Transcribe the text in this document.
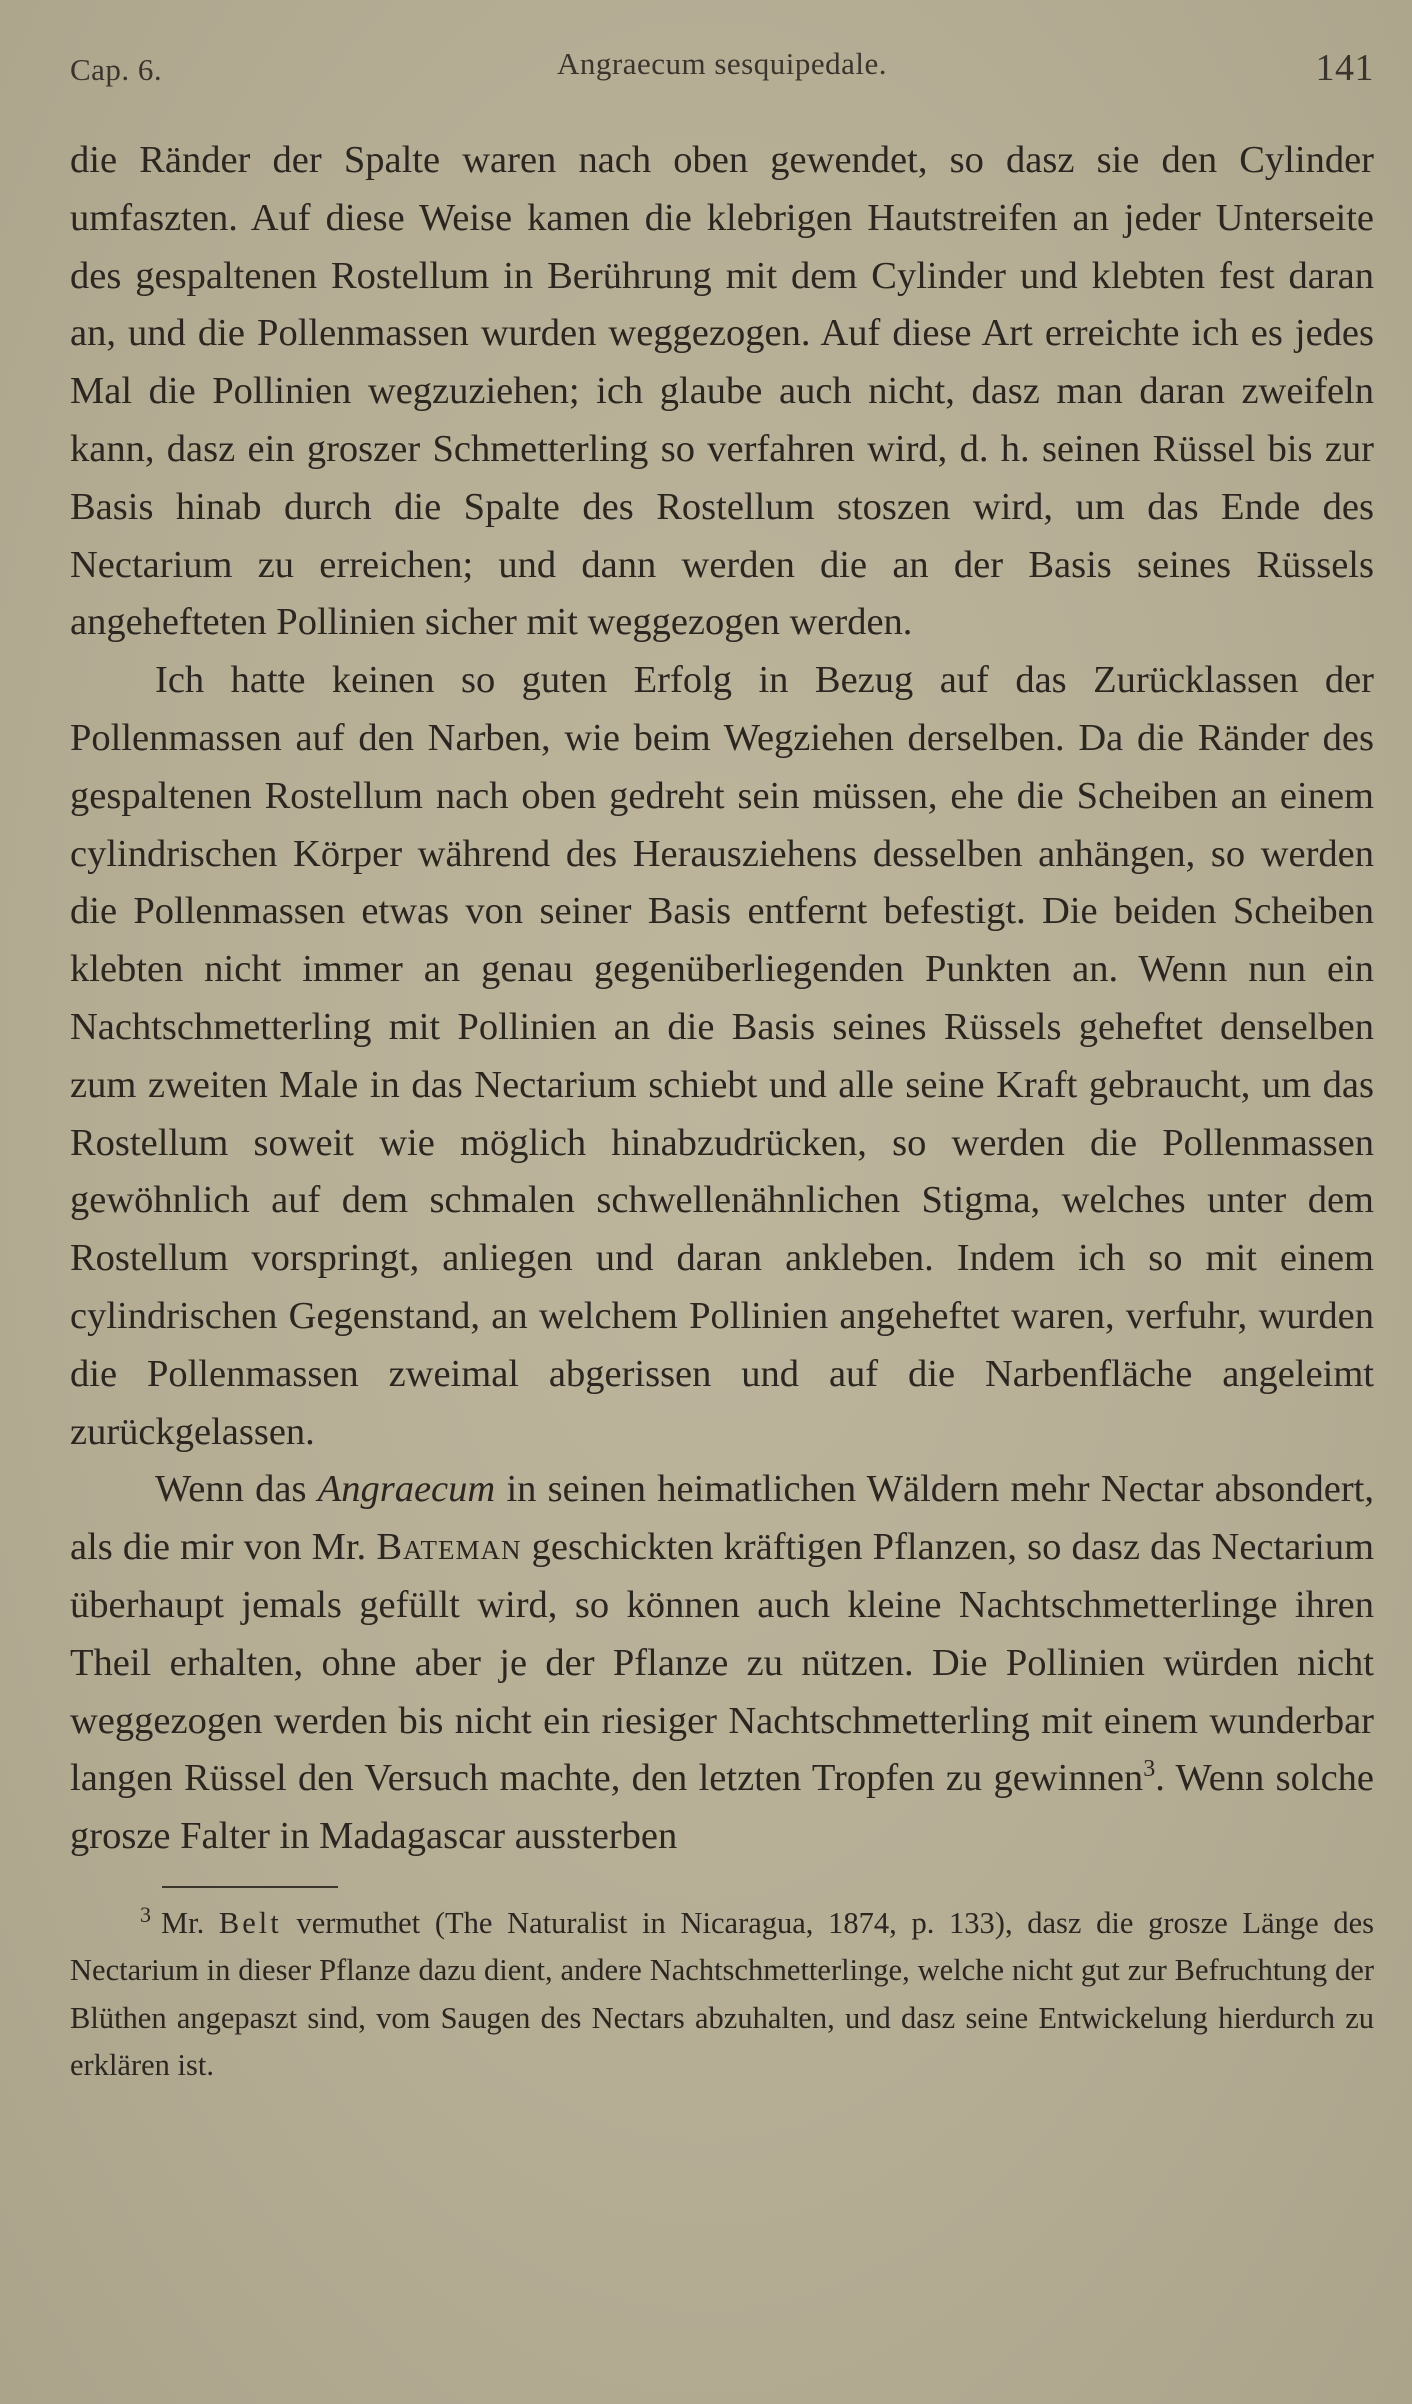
Cap. 6.	Angraecum sesquipedale.	141

die Ränder der Spalte waren nach oben gewendet, so dasz sie den Cylinder umfaszten. Auf diese Weise kamen die klebrigen Hautstreifen an jeder Unterseite des gespaltenen Rostellum in Berührung mit dem Cylinder und klebten fest daran an, und die Pollenmassen wurden weggezogen. Auf diese Art erreichte ich es jedes Mal die Pollinien wegzuziehen; ich glaube auch nicht, dasz man daran zweifeln kann, dasz ein groszer Schmetterling so verfahren wird, d. h. seinen Rüssel bis zur Basis hinab durch die Spalte des Rostellum stoszen wird, um das Ende des Nectarium zu erreichen; und dann werden die an der Basis seines Rüssels angehefteten Pollinien sicher mit weggezogen werden.

Ich hatte keinen so guten Erfolg in Bezug auf das Zurücklassen der Pollenmassen auf den Narben, wie beim Wegziehen derselben. Da die Ränder des gespaltenen Rostellum nach oben gedreht sein müssen, ehe die Scheiben an einem cylindrischen Körper während des Herausziehens desselben anhängen, so werden die Pollenmassen etwas von seiner Basis entfernt befestigt. Die beiden Scheiben klebten nicht immer an genau gegenüberliegenden Punkten an. Wenn nun ein Nachtschmetterling mit Pollinien an die Basis seines Rüssels geheftet denselben zum zweiten Male in das Nectarium schiebt und alle seine Kraft gebraucht, um das Rostellum soweit wie möglich hinabzudrücken, so werden die Pollenmassen gewöhnlich auf dem schmalen schwellenähnlichen Stigma, welches unter dem Rostellum vorspringt, anliegen und daran ankleben. Indem ich so mit einem cylindrischen Gegenstand, an welchem Pollinien angeheftet waren, verfuhr, wurden die Pollenmassen zweimal abgerissen und auf die Narbenfläche angeleimt zurückgelassen.

Wenn das Angraecum in seinen heimatlichen Wäldern mehr Nectar absondert, als die mir von Mr. Bateman geschickten kräftigen Pflanzen, so dasz das Nectarium überhaupt jemals gefüllt wird, so können auch kleine Nachtschmetterlinge ihren Theil erhalten, ohne aber je der Pflanze zu nützen. Die Pollinien würden nicht weggezogen werden bis nicht ein riesiger Nachtschmetterling mit einem wunderbar langen Rüssel den Versuch machte, den letzten Tropfen zu gewinnen$^3$. Wenn solche grosze Falter in Madagascar aussterben

$^3$ Mr. Belt vermuthet (The Naturalist in Nicaragua, 1874, p. 133), dasz die grosze Länge des Nectarium in dieser Pflanze dazu dient, andere Nachtschmetterlinge, welche nicht gut zur Befruchtung der Blüthen angepaszt sind, vom Saugen des Nectars abzuhalten, und dasz seine Entwickelung hierdurch zu erklären ist.
